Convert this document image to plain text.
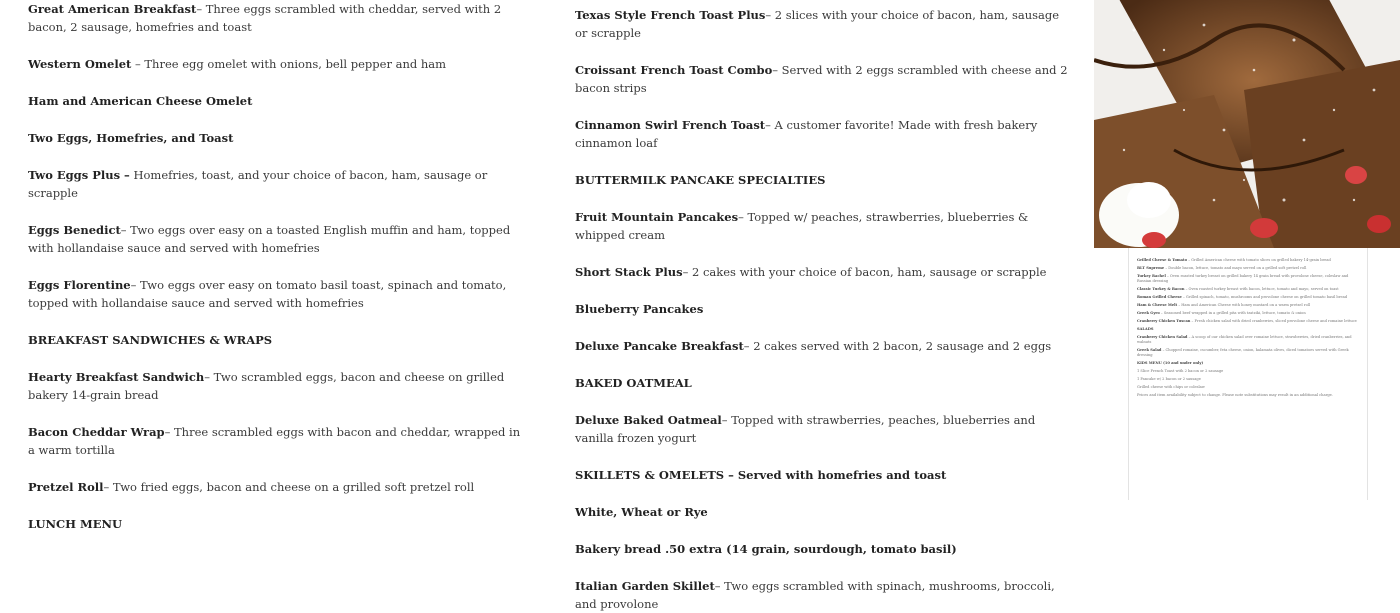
Great American Breakfast– Three eggs scrambled with cheddar, served with 2 bacon, 2 sausage, homefries and toast

Western Omelet – Three egg omelet with onions, bell pepper and ham

Ham and American Cheese Omelet

Two Eggs, Homefries, and Toast

Two Eggs Plus – Homefries, toast, and your choice of bacon, ham, sausage or scrapple

Eggs Benedict– Two eggs over easy on a toasted English muffin and ham, topped with hollandaise sauce and served with homefries

Eggs Florentine– Two eggs over easy on tomato basil toast, spinach and tomato, topped with hollandaise sauce and served with homefries

BREAKFAST SANDWICHES & WRAPS

Hearty Breakfast Sandwich– Two scrambled eggs, bacon and cheese on grilled bakery 14-grain bread

Bacon Cheddar Wrap– Three scrambled eggs with bacon and cheddar, wrapped in a warm tortilla

Pretzel Roll– Two fried eggs, bacon and cheese on a grilled soft pretzel roll

LUNCH MENU

Texas Style French Toast Plus– 2 slices with your choice of bacon, ham, sausage or scrapple

Croissant French Toast Combo– Served with 2 eggs scrambled with cheese and 2 bacon strips

Cinnamon Swirl French Toast– A customer favorite! Made with fresh bakery cinnamon loaf

BUTTERMILK PANCAKE SPECIALTIES

Fruit Mountain Pancakes– Topped w/ peaches, strawberries, blueberries & whipped cream

Short Stack Plus– 2 cakes with your choice of bacon, ham, sausage or scrapple

Blueberry Pancakes

Deluxe Pancake Breakfast– 2 cakes served with 2 bacon, 2 sausage and 2 eggs

BAKED OATMEAL

Deluxe Baked Oatmeal– Topped with strawberries, peaches, blueberries and vanilla frozen yogurt

SKILLETS & OMELETS – Served with homefries and toast

White, Wheat or Rye

Bakery bread .50 extra (14 grain, sourdough, tomato basil)

Italian Garden Skillet– Two eggs scrambled with spinach, mushrooms, broccoli, and provolone

Grilled Cheese & Tomato – Grilled American cheese with tomato slices on grilled bakery 14-grain bread
BLT Supreme – Double bacon, lettuce, tomato and mayo served on a grilled soft pretzel roll
Turkey Rachel – Oven roasted turkey breast on grilled bakery 14 grain bread with provolone cheese, coleslaw and Russian dressing
Classic Turkey & Bacon – Oven roasted turkey breast with bacon, lettuce, tomato and mayo, served on toast
Roman Grilled Cheese – Grilled spinach, tomato, mushrooms and provolone cheese on grilled tomato basil bread
Ham & Cheese Melt – Ham and American Cheese with honey mustard on a warm pretzel roll
Greek Gyro – Seasoned beef wrapped in a grilled pita with tzatziki, lettuce, tomato & onion
Cranberry Chicken Tuscan – Fresh chicken salad with dried cranberries, sliced provolone cheese and romaine lettuce
SALADS
Cranberry Chicken Salad – A scoop of our chicken salad over romaine lettuce, strawberries, dried cranberries, and walnuts
Greek Salad – Chopped romaine, cucumber, feta cheese, onion, kalamata olives, diced tomatoes served with Greek dressing
KIDS MENU (10 and under only)
1 Slice French Toast with 2 bacon or 2 sausage
1 Pancake w/ 2 bacon or 2 sausage
Grilled cheese with chips or coleslaw
Prices and item availability subject to change. Please note substitutions may result in an additional charge.
